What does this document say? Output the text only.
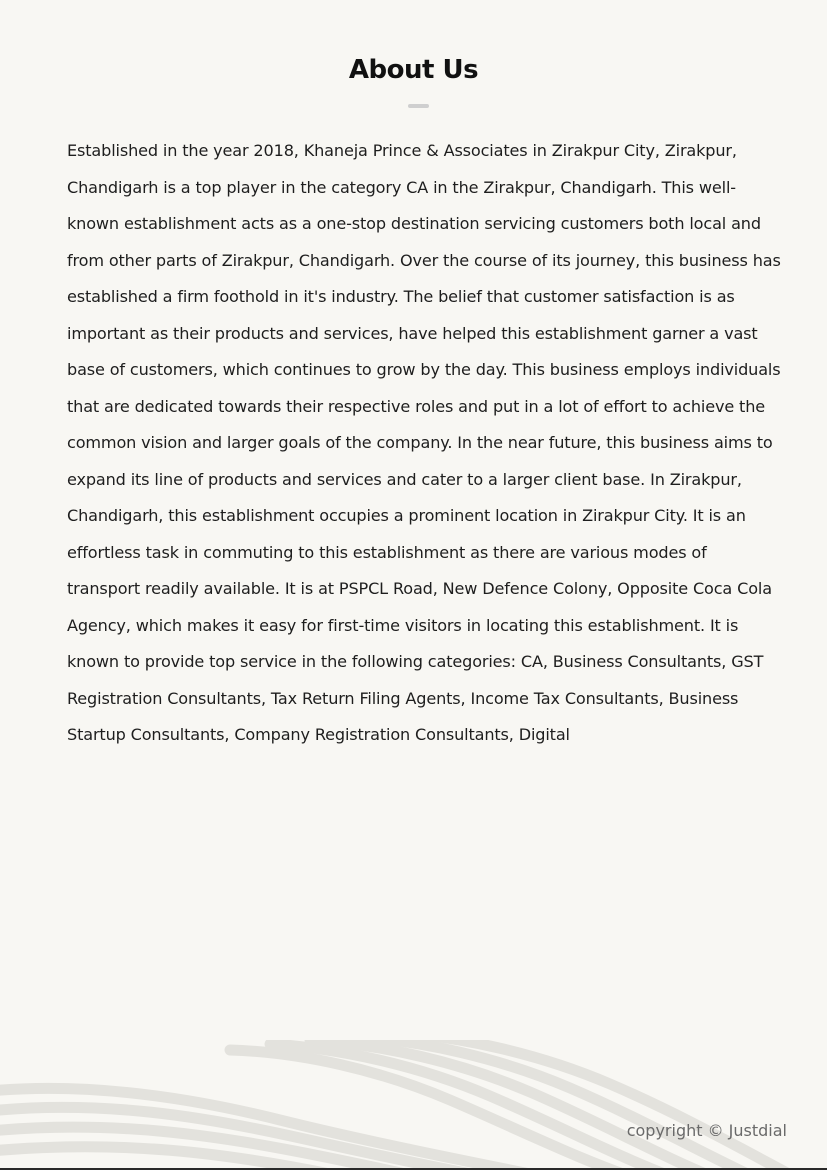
About Us

Established in the year 2018, Khaneja Prince & Associates in Zirakpur City, Zirakpur, Chandigarh is a top player in the category CA in the Zirakpur, Chandigarh. This well-known establishment acts as a one-stop destination servicing customers both local and from other parts of Zirakpur, Chandigarh. Over the course of its journey, this business has established a firm foothold in it's industry. The belief that customer satisfaction is as important as their products and services, have helped this establishment garner a vast base of customers, which continues to grow by the day. This business employs individuals that are dedicated towards their respective roles and put in a lot of effort to achieve the common vision and larger goals of the company. In the near future, this business aims to expand its line of products and services and cater to a larger client base. In Zirakpur, Chandigarh, this establishment occupies a prominent location in Zirakpur City. It is an effortless task in commuting to this establishment as there are various modes of transport readily available. It is at PSPCL Road, New Defence Colony, Opposite Coca Cola Agency, which makes it easy for first-time visitors in locating this establishment. It is known to provide top service in the following categories: CA, Business Consultants, GST Registration Consultants, Tax Return Filing Agents, Income Tax Consultants, Business Startup Consultants, Company Registration Consultants, Digital

copyright © Justdial
